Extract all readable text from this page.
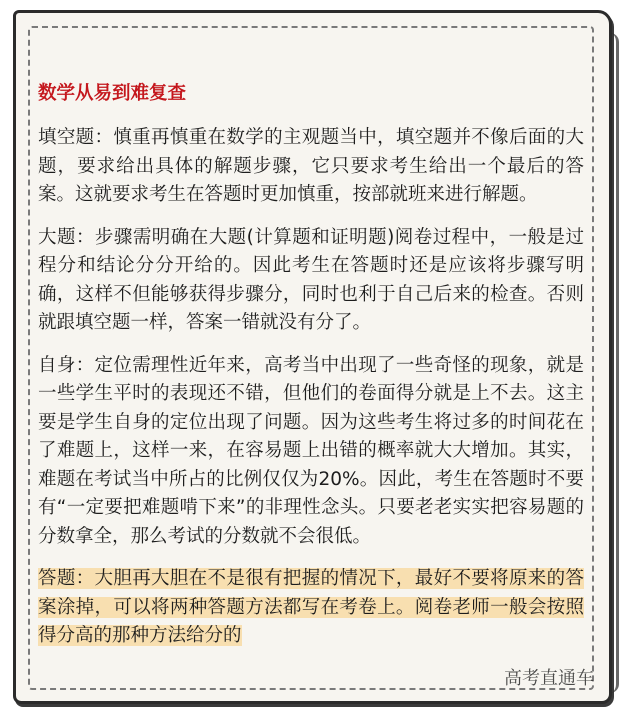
数学从易到难复查

填空题：慎重再慎重在数学的主观题当中，填空题并不像后面的大题，要求给出具体的解题步骤，它只要求考生给出一个最后的答案。这就要求考生在答题时更加慎重，按部就班来进行解题。

大题：步骤需明确在大题(计算题和证明题)阅卷过程中，一般是过程分和结论分分开给的。因此考生在答题时还是应该将步骤写明确，这样不但能够获得步骤分，同时也利于自己后来的检查。否则就跟填空题一样，答案一错就没有分了。

自身：定位需理性近年来，高考当中出现了一些奇怪的现象，就是一些学生平时的表现还不错，但他们的卷面得分就是上不去。这主要是学生自身的定位出现了问题。因为这些考生将过多的时间花在了难题上，这样一来，在容易题上出错的概率就大大增加。其实，难题在考试当中所占的比例仅仅为20%。因此，考生在答题时不要有“一定要把难题啃下来”的非理性念头。只要老老实实把容易题的分数拿全，那么考试的分数就不会很低。

答题：大胆再大胆在不是很有把握的情况下，最好不要将原来的答案涂掉，可以将两种答题方法都写在考卷上。阅卷老师一般会按照得分高的那种方法给分的

高考直通车
